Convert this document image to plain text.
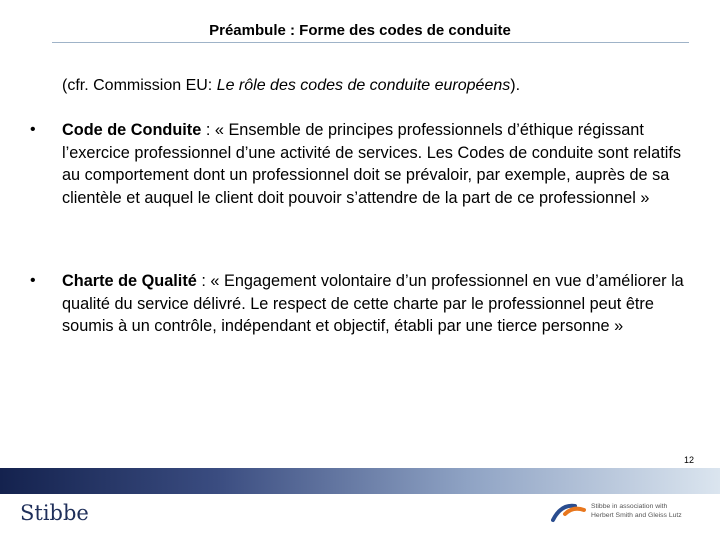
Préambule : Forme des codes de conduite
(cfr. Commission EU: Le rôle des codes de conduite européens).
• Code de Conduite : « Ensemble de principes professionnels d’éthique régissant l’exercice professionnel d’une activité de services. Les Codes de conduite sont relatifs au comportement dont un professionnel doit se prévaloir, par exemple, auprès de sa clientèle et auquel le client doit pouvoir s’attendre de la part de ce professionnel »
• Charte de Qualité : « Engagement volontaire d’un professionnel en vue d’améliorer la qualité du service délivré. Le respect de cette charte par le professionnel peut être soumis à un contrôle, indépendant et objectif, établi par une tierce personne »
12
Stibbe	Stibbe in association with
Herbert Smith and Gleiss Lutz
